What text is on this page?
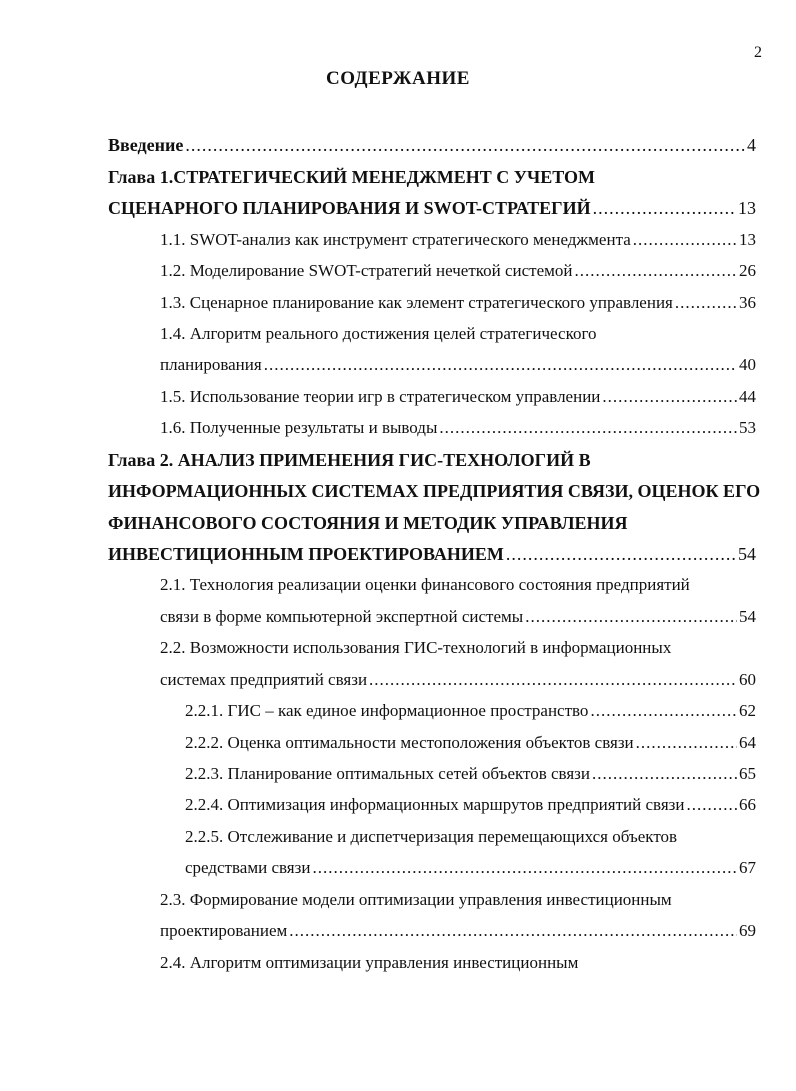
2
СОДЕРЖАНИЕ
Введение .....	4
Глава 1.СТРАТЕГИЧЕСКИЙ МЕНЕДЖМЕНТ С УЧЕТОМ
СЦЕНАРНОГО ПЛАНИРОВАНИЯ И SWOT-СТРАТЕГИЙ .....	13
1.1. SWOT-анализ как инструмент стратегического менеджмента .....	13
1.2. Моделирование SWOT-стратегий нечеткой системой .....	26
1.3. Сценарное планирование как элемент стратегического управления .....	36
1.4. Алгоритм реального достижения целей стратегического
планирования .....	40
1.5. Использование теории игр в стратегическом управлении .....	44
1.6. Полученные результаты и выводы .....	53
Глава 2. АНАЛИЗ ПРИМЕНЕНИЯ ГИС-ТЕХНОЛОГИЙ В
ИНФОРМАЦИОННЫХ СИСТЕМАХ ПРЕДПРИЯТИЯ СВЯЗИ, ОЦЕНОК ЕГО
ФИНАНСОВОГО СОСТОЯНИЯ И МЕТОДИК УПРАВЛЕНИЯ
ИНВЕСТИЦИОННЫМ ПРОЕКТИРОВАНИЕМ .....	54
2.1. Технология реализации оценки финансового состояния предприятий
связи в форме компьютерной экспертной системы .....	54
2.2. Возможности использования ГИС-технологий в информационных
системах предприятий связи .....	60
2.2.1. ГИС – как единое информационное пространство .....	62
2.2.2. Оценка оптимальности местоположения объектов связи .....	64
2.2.3. Планирование оптимальных сетей объектов связи .....	65
2.2.4. Оптимизация информационных маршрутов предприятий связи .....	66
2.2.5. Отслеживание и диспетчеризация перемещающихся объектов
средствами связи .....	67
2.3. Формирование модели оптимизации управления инвестиционным
проектированием .....	69
2.4. Алгоритм оптимизации управления инвестиционным
